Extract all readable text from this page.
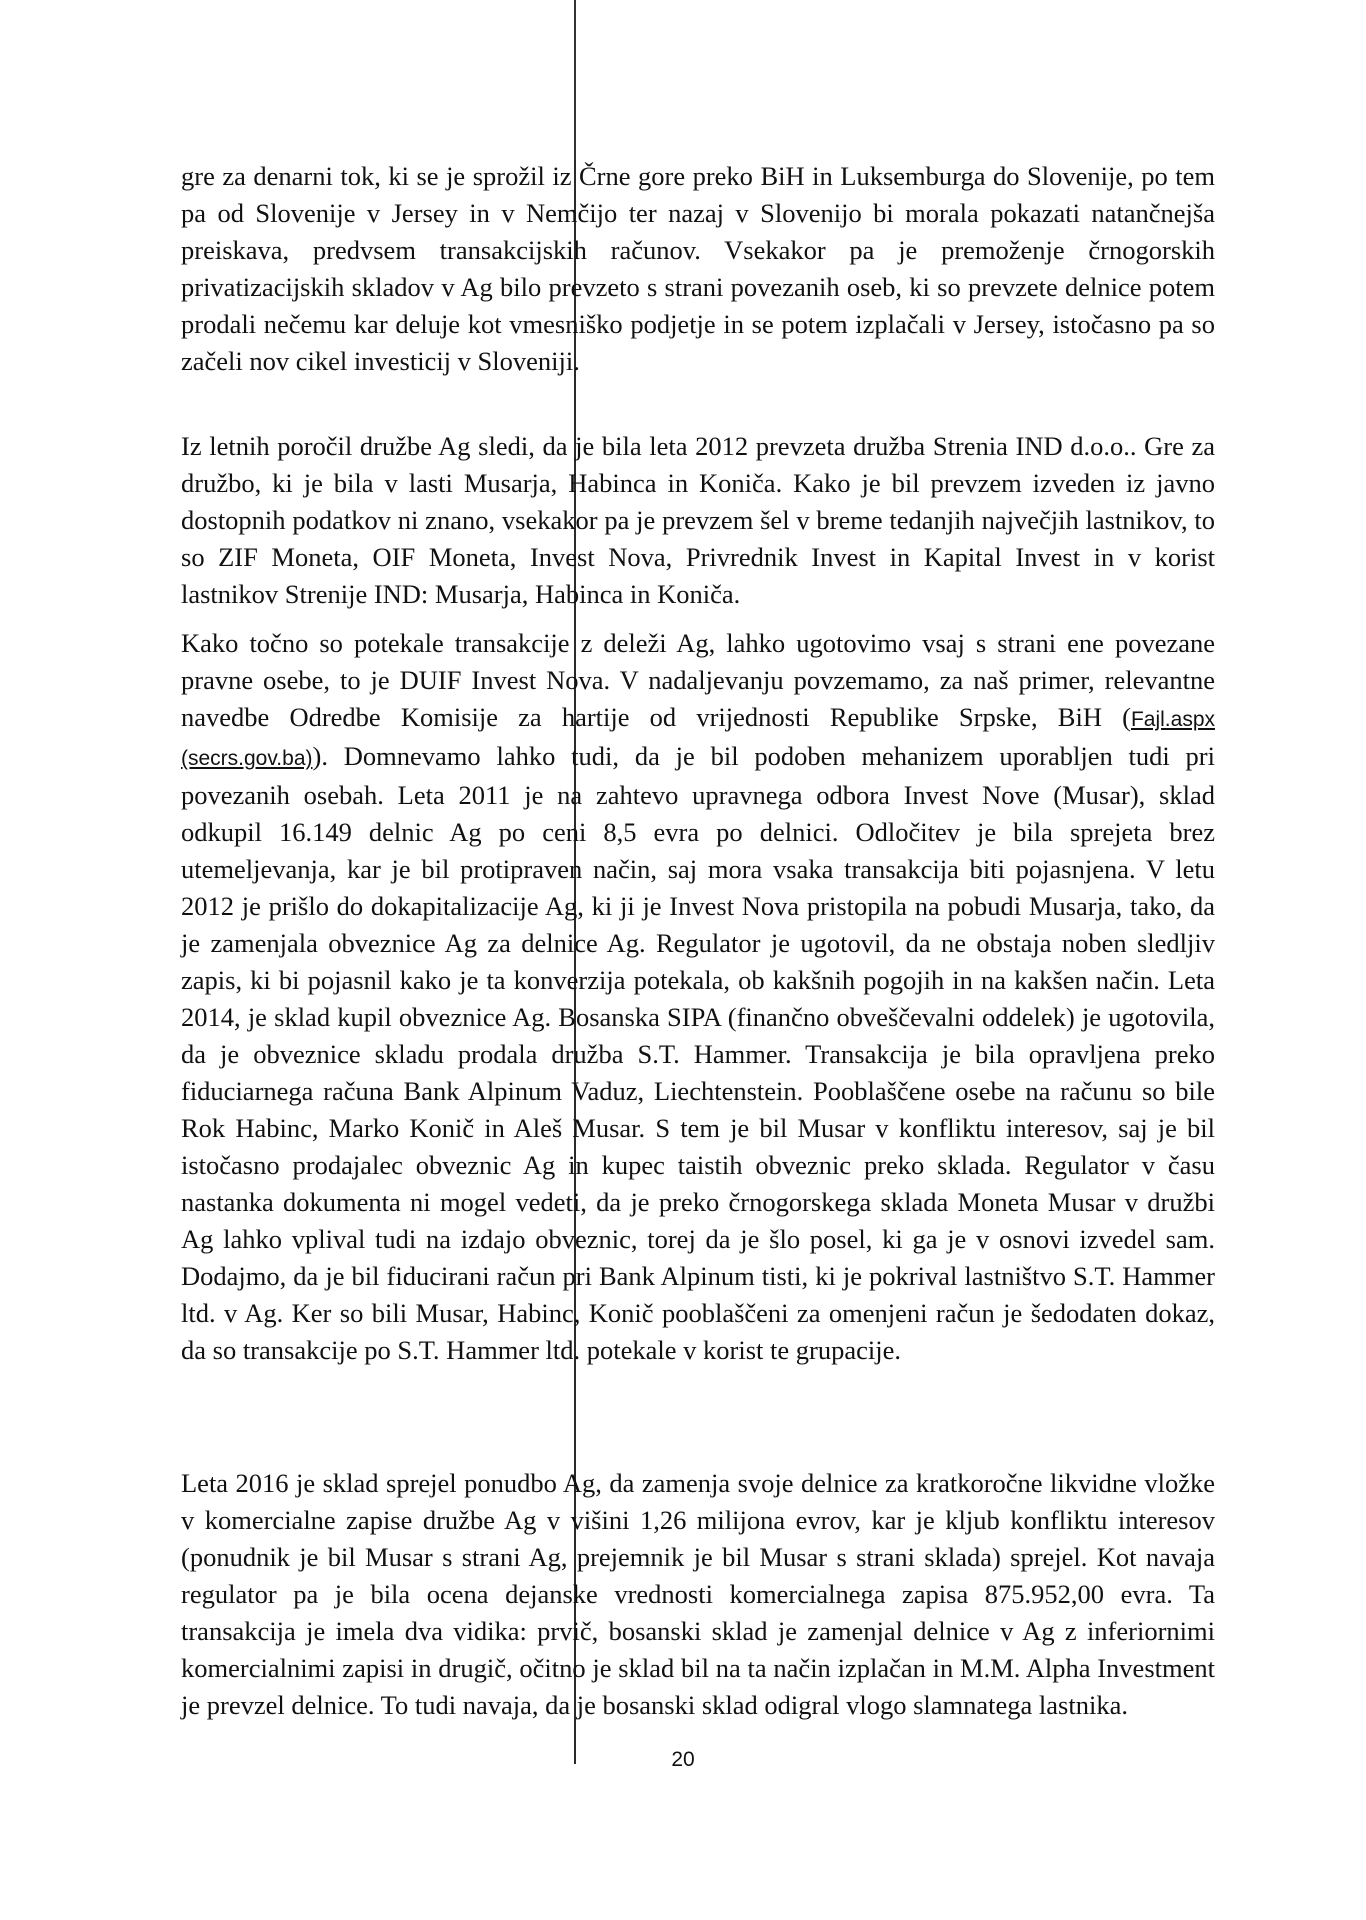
gre za denarni tok, ki se je sprožil iz Črne gore preko BiH in Luksemburga do Slovenije, po tem pa od Slovenije v Jersey in v Nemčijo ter nazaj v Slovenijo bi morala pokazati natančnejša preiskava, predvsem transakcijskih računov. Vsekakor pa je premoženje črnogorskih privatizacijskih skladov v Ag bilo prevzeto s strani povezanih oseb, ki so prevzete delnice potem prodali nečemu kar deluje kot vmesniško podjetje in se potem izplačali v Jersey, istočasno pa so začeli nov cikel investicij v Sloveniji.

Iz letnih poročil družbe Ag sledi, da je bila leta 2012 prevzeta družba Strenia IND d.o.o.. Gre za družbo, ki je bila v lasti Musarja, Habinca in Koniča. Kako je bil prevzem izveden iz javno dostopnih podatkov ni znano, vsekakor pa je prevzem šel v breme tedanjih največjih lastnikov, to so ZIF Moneta, OIF Moneta, Invest Nova, Privrednik Invest in Kapital Invest in v korist lastnikov Strenije IND: Musarja, Habinca in Koniča.

Kako točno so potekale transakcije z deleži Ag, lahko ugotovimo vsaj s strani ene povezane pravne osebe, to je DUIF Invest Nova. V nadaljevanju povzemamo, za naš primer, relevantne navedbe Odredbe Komisije za hartije od vrijednosti Republike Srpske, BiH (Fajl.aspx (secrs.gov.ba)). Domnevamo lahko tudi, da je bil podoben mehanizem uporabljen tudi pri povezanih osebah. Leta 2011 je na zahtevo upravnega odbora Invest Nove (Musar), sklad odkupil 16.149 delnic Ag po ceni 8,5 evra po delnici. Odločitev je bila sprejeta brez utemeljevanja, kar je bil protipraven način, saj mora vsaka transakcija biti pojasnjena. V letu 2012 je prišlo do dokapitalizacije Ag, ki ji je Invest Nova pristopila na pobudi Musarja, tako, da je zamenjala obveznice Ag za delnice Ag. Regulator je ugotovil, da ne obstaja noben sledljiv zapis, ki bi pojasnil kako je ta konverzija potekala, ob kakšnih pogojih in na kakšen način. Leta 2014, je sklad kupil obveznice Ag. Bosanska SIPA (finančno obveščevalni oddelek) je ugotovila, da je obveznice skladu prodala družba S.T. Hammer. Transakcija je bila opravljena preko fiduciarnega računa Bank Alpinum Vaduz, Liechtenstein. Pooblaščene osebe na računu so bile Rok Habinc, Marko Konič in Aleš Musar. S tem je bil Musar v konfliktu interesov, saj je bil istočasno prodajalec obveznic Ag in kupec taistih obveznic preko sklada. Regulator v času nastanka dokumenta ni mogel vedeti, da je preko črnogorskega sklada Moneta Musar v družbi Ag lahko vplival tudi na izdajo obveznic, torej da je šlo posel, ki ga je v osnovi izvedel sam. Dodajmo, da je bil fiducirani račun pri Bank Alpinum tisti, ki je pokrival lastništvo S.T. Hammer ltd. v Ag. Ker so bili Musar, Habinc, Konič pooblaščeni za omenjeni račun je šedodaten dokaz, da so transakcije po S.T. Hammer ltd. potekale v korist te grupacije.

Leta 2016 je sklad sprejel ponudbo Ag, da zamenja svoje delnice za kratkoročne likvidne vložke v komercialne zapise družbe Ag v višini 1,26 milijona evrov, kar je kljub konfliktu interesov (ponudnik je bil Musar s strani Ag, prejemnik je bil Musar s strani sklada) sprejel. Kot navaja regulator pa je bila ocena dejanske vrednosti komercialnega zapisa 875.952,00 evra. Ta transakcija je imela dva vidika: prvič, bosanski sklad je zamenjal delnice v Ag z inferiornimi komercialnimi zapisi in drugič, očitno je sklad bil na ta način izplačan in M.M. Alpha Investment je prevzel delnice. To tudi navaja, da je bosanski sklad odigral vlogo slamnatega lastnika.

20
